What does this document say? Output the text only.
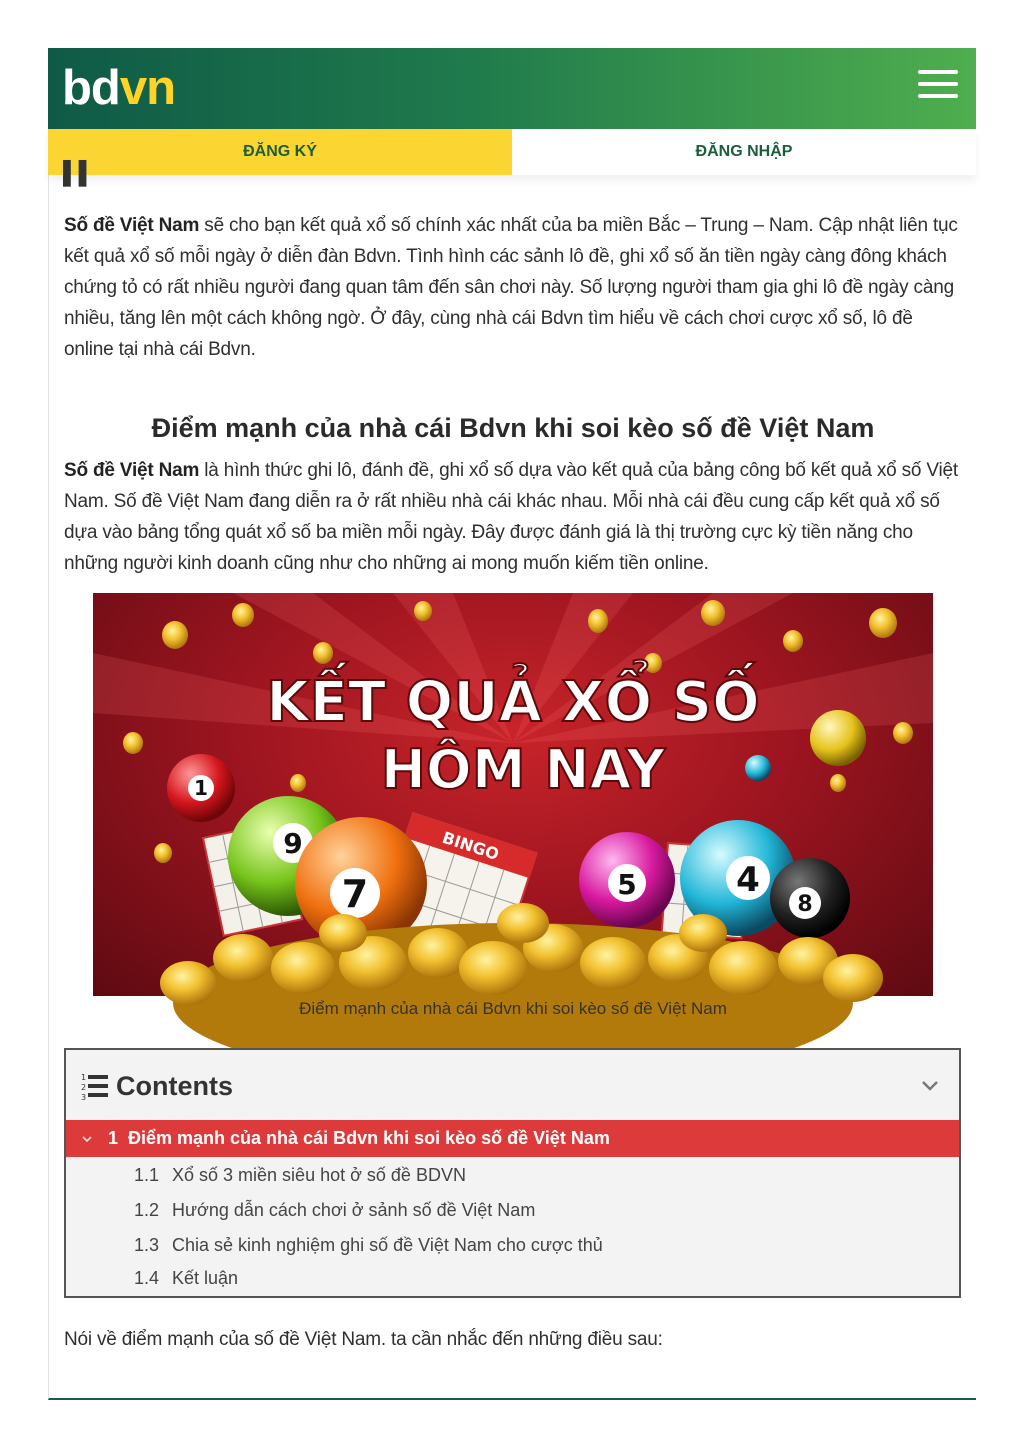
bdvn
ĐĂNG KÝ	ĐĂNG NHẬP
▌▌

Số đề Việt Nam sẽ cho bạn kết quả xổ số chính xác nhất của ba miền Bắc – Trung – Nam. Cập nhật liên tục kết quả xổ số mỗi ngày ở diễn đàn Bdvn. Tình hình các sảnh lô đề, ghi xổ số ăn tiền ngày càng đông khách chứng tỏ có rất nhiều người đang quan tâm đến sân chơi này. Số lượng người tham gia ghi lô đề ngày càng nhiều, tăng lên một cách không ngờ. Ở đây, cùng nhà cái Bdvn tìm hiểu về cách chơi cược xổ số, lô đề online tại nhà cái Bdvn.

Điểm mạnh của nhà cái Bdvn khi soi kèo số đề Việt Nam

Số đề Việt Nam là hình thức ghi lô, đánh đề, ghi xổ số dựa vào kết quả của bảng công bố kết quả xổ số Việt Nam. Số đề Việt Nam đang diễn ra ở rất nhiều nhà cái khác nhau. Mỗi nhà cái đều cung cấp kết quả xổ số dựa vào bảng tổng quát xổ số ba miền mỗi ngày. Đây được đánh giá là thị trường cực kỳ tiền năng cho những người kinh doanh cũng như cho những ai mong muốn kiếm tiền online.

KẾT QUẢ XỔ SỐ
HÔM NAY
BINGO
1
9
7	5	4
8
Điểm mạnh của nhà cái Bdvn khi soi kèo số đề Việt Nam
1
2
3 Contents
1 Điểm mạnh của nhà cái Bdvn khi soi kèo số đề Việt Nam
1.1 Xổ số 3 miền siêu hot ở số đề BDVN
1.2 Hướng dẫn cách chơi ở sảnh số đề Việt Nam
1.3 Chia sẻ kinh nghiệm ghi số đề Việt Nam cho cược thủ
1.4 Kết luận

Nói về điểm mạnh của số đề Việt Nam. ta cần nhắc đến những điều sau:
